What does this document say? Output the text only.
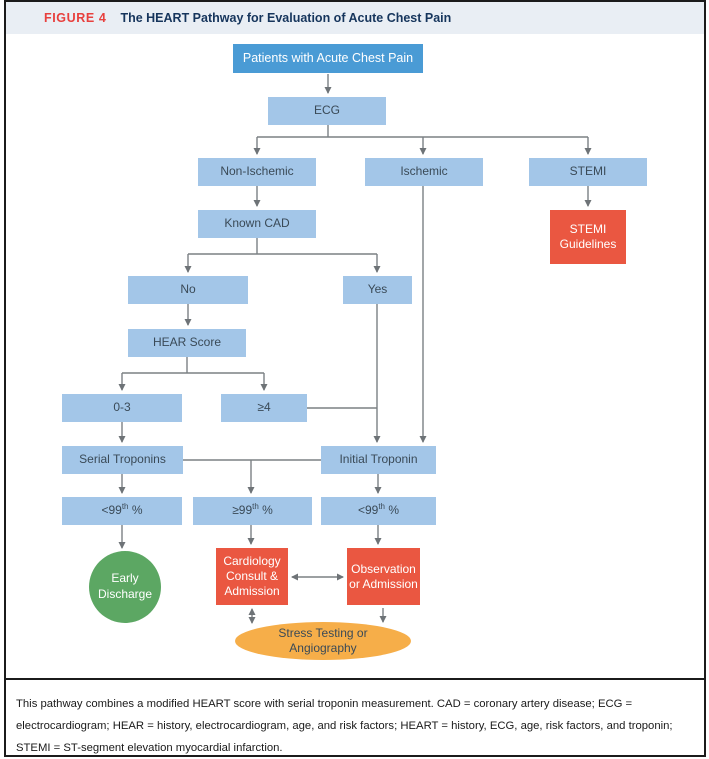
FIGURE 4 The HEART Pathway for Evaluation of Acute Chest Pain
Patients with Acute Chest Pain
ECG
Non-Ischemic	Ischemic	STEMI
STEMI Guidelines
Known CAD
No	Yes
HEAR Score
0-3	≥4
Serial Troponins	Initial Troponin
<99th %	≥99th %	<99th %
Early Discharge
Cardiology Consult & Admission
Observation or Admission
Stress Testing or Angiography
This pathway combines a modified HEART score with serial troponin measurement. CAD = coronary artery disease; ECG = electrocardiogram; HEAR = history, electrocardiogram, age, and risk factors; HEART = history, ECG, age, risk factors, and troponin; STEMI = ST-segment elevation myocardial infarction.
